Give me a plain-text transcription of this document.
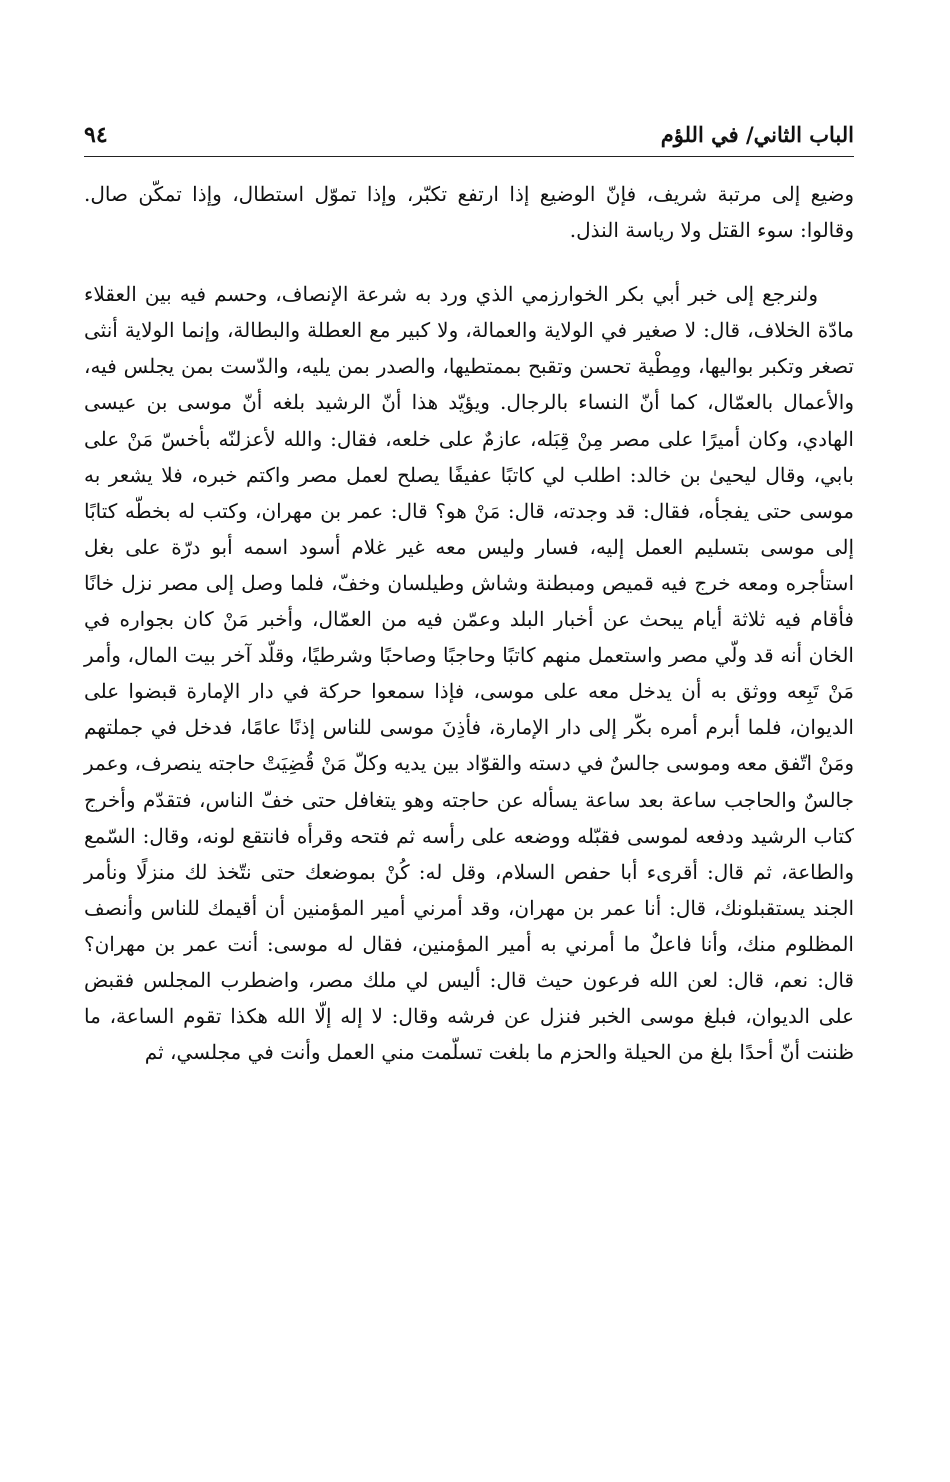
الباب الثاني/ في اللؤم
٩٤

وضيع إلى مرتبة شريف، فإنّ الوضيع إذا ارتفع تكبّر، وإذا تموّل استطال، وإذا تمكّن صال. وقالوا: سوء القتل ولا رياسة النذل.

ولنرجع إلى خبر أبي بكر الخوارزمي الذي ورد به شرعة الإنصاف، وحسم فيه بين العقلاء مادّة الخلاف، قال: لا صغير في الولاية والعمالة، ولا كبير مع العطلة والبطالة، وإنما الولاية أنثى تصغر وتكبر بواليها، ومِطْية تحسن وتقبح بممتطيها، والصدر بمن يليه، والدّست بمن يجلس فيه، والأعمال بالعمّال، كما أنّ النساء بالرجال. ويؤيّد هذا أنّ الرشيد بلغه أنّ موسى بن عيسى الهادي، وكان أميرًا على مصر مِنْ قِبَله، عازمٌ على خلعه، فقال: والله لأعزلنّه بأخسّ مَنْ على بابي، وقال ليحيىٰ بن خالد: اطلب لي كاتبًا عفيفًا يصلح لعمل مصر واكتم خبره، فلا يشعر به موسى حتى يفجأه، فقال: قد وجدته، قال: مَنْ هو؟ قال: عمر بن مهران، وكتب له بخطّه كتابًا إلى موسى بتسليم العمل إليه، فسار وليس معه غير غلام أسود اسمه أبو درّة على بغل استأجره ومعه خرج فيه قميص ومبطنة وشاش وطيلسان وخفّ، فلما وصل إلى مصر نزل خانًا فأقام فيه ثلاثة أيام يبحث عن أخبار البلد وعمّن فيه من العمّال، وأخبر مَنْ كان بجواره في الخان أنه قد ولّي مصر واستعمل منهم كاتبًا وحاجبًا وصاحبًا وشرطيًا، وقلّد آخر بيت المال، وأمر مَنْ تَبِعه ووثق به أن يدخل معه على موسى، فإذا سمعوا حركة في دار الإمارة قبضوا على الديوان، فلما أبرم أمره بكّر إلى دار الإمارة، فأذِنَ موسى للناس إذنًا عامًا، فدخل في جملتهم ومَنْ اتّفق معه وموسى جالسٌ في دسته والقوّاد بين يديه وكلّ مَنْ قُضِيَتْ حاجته ينصرف، وعمر جالسٌ والحاجب ساعة بعد ساعة يسأله عن حاجته وهو يتغافل حتى خفّ الناس، فتقدّم وأخرج كتاب الرشيد ودفعه لموسى فقبّله ووضعه على رأسه ثم فتحه وقرأه فانتقع لونه، وقال: السّمع والطاعة، ثم قال: أقرىء أبا حفص السلام، وقل له: كُنْ بموضعك حتى نتّخذ لك منزلًا ونأمر الجند يستقبلونك، قال: أنا عمر بن مهران، وقد أمرني أمير المؤمنين أن أقيمك للناس وأنصف المظلوم منك، وأنا فاعلٌ ما أمرني به أمير المؤمنين، فقال له موسى: أنت عمر بن مهران؟ قال: نعم، قال: لعن الله فرعون حيث قال: أليس لي ملك مصر، واضطرب المجلس فقبض على الديوان، فبلغ موسى الخبر فنزل عن فرشه وقال: لا إله إلّا الله هكذا تقوم الساعة، ما ظننت أنّ أحدًا بلغ من الحيلة والحزم ما بلغت تسلّمت مني العمل وأنت في مجلسي، ثم
